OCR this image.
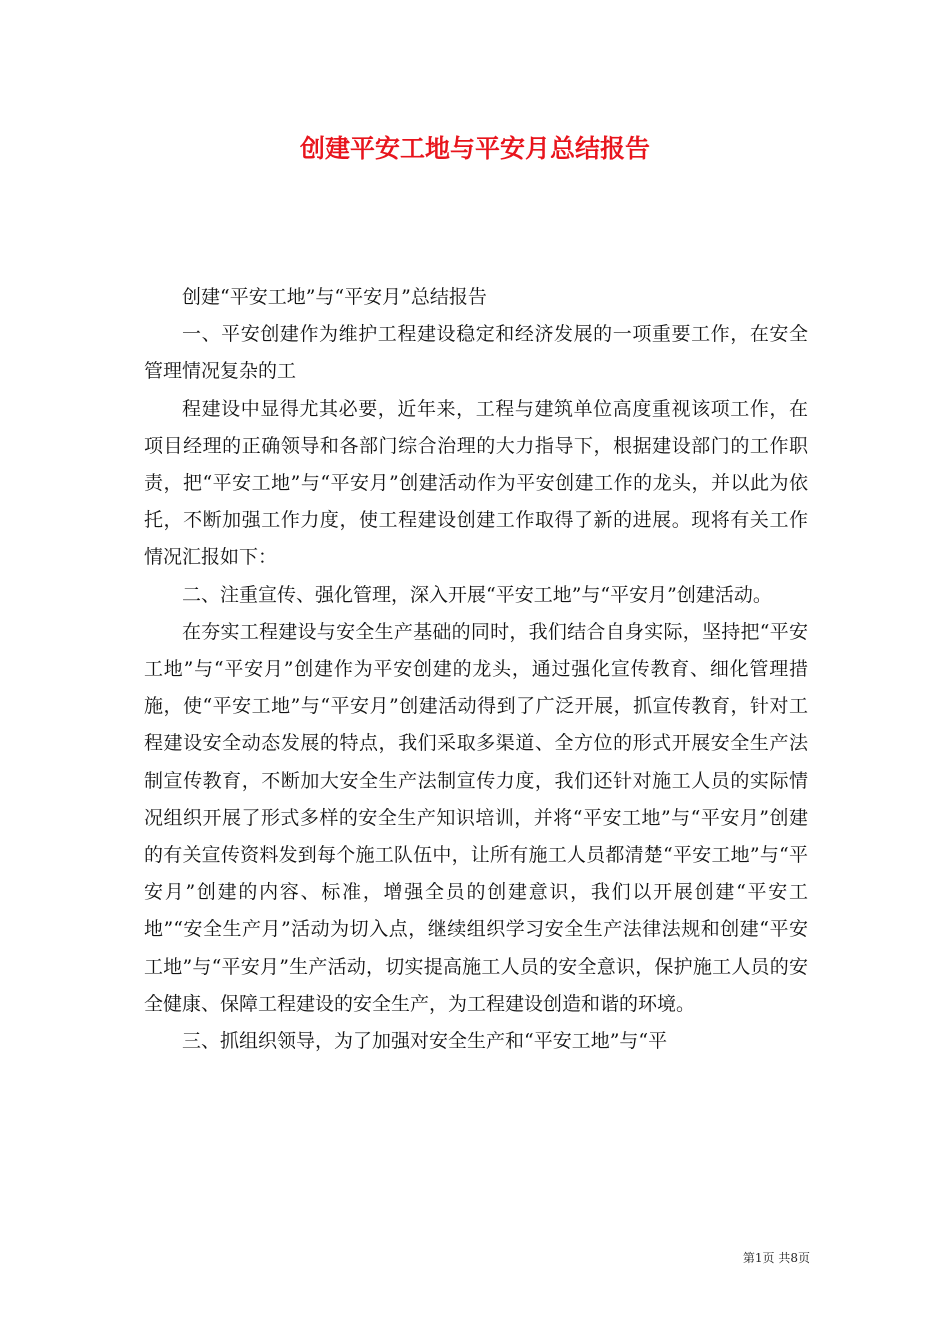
创建平安工地与平安月总结报告

创建“平安工地”与“平安月”总结报告

一、平安创建作为维护工程建设稳定和经济发展的一项重要工作，在安全管理情况复杂的工

程建设中显得尤其必要，近年来，工程与建筑单位高度重视该项工作，在项目经理的正确领导和各部门综合治理的大力指导下，根据建设部门的工作职责，把“平安工地”与“平安月”创建活动作为平安创建工作的龙头，并以此为依托，不断加强工作力度，使工程建设创建工作取得了新的进展。现将有关工作情况汇报如下：

二、注重宣传、强化管理，深入开展“平安工地”与“平安月”创建活动。

在夯实工程建设与安全生产基础的同时，我们结合自身实际，坚持把“平安工地”与“平安月”创建作为平安创建的龙头，通过强化宣传教育、细化管理措施，使“平安工地”与“平安月”创建活动得到了广泛开展，抓宣传教育，针对工程建设安全动态发展的特点，我们采取多渠道、全方位的形式开展安全生产法制宣传教育，不断加大安全生产法制宣传力度，我们还针对施工人员的实际情况组织开展了形式多样的安全生产知识培训，并将“平安工地”与“平安月”创建的有关宣传资料发到每个施工队伍中，让所有施工人员都清楚“平安工地”与“平安月”创建的内容、标准，增强全员的创建意识，我们以开展创建“平安工地”“安全生产月”活动为切入点，继续组织学习安全生产法律法规和创建“平安工地”与“平安月”生产活动，切实提高施工人员的安全意识，保护施工人员的安全健康、保障工程建设的安全生产，为工程建设创造和谐的环境。

三、抓组织领导，为了加强对安全生产和“平安工地”与“平

第1页 共8页
